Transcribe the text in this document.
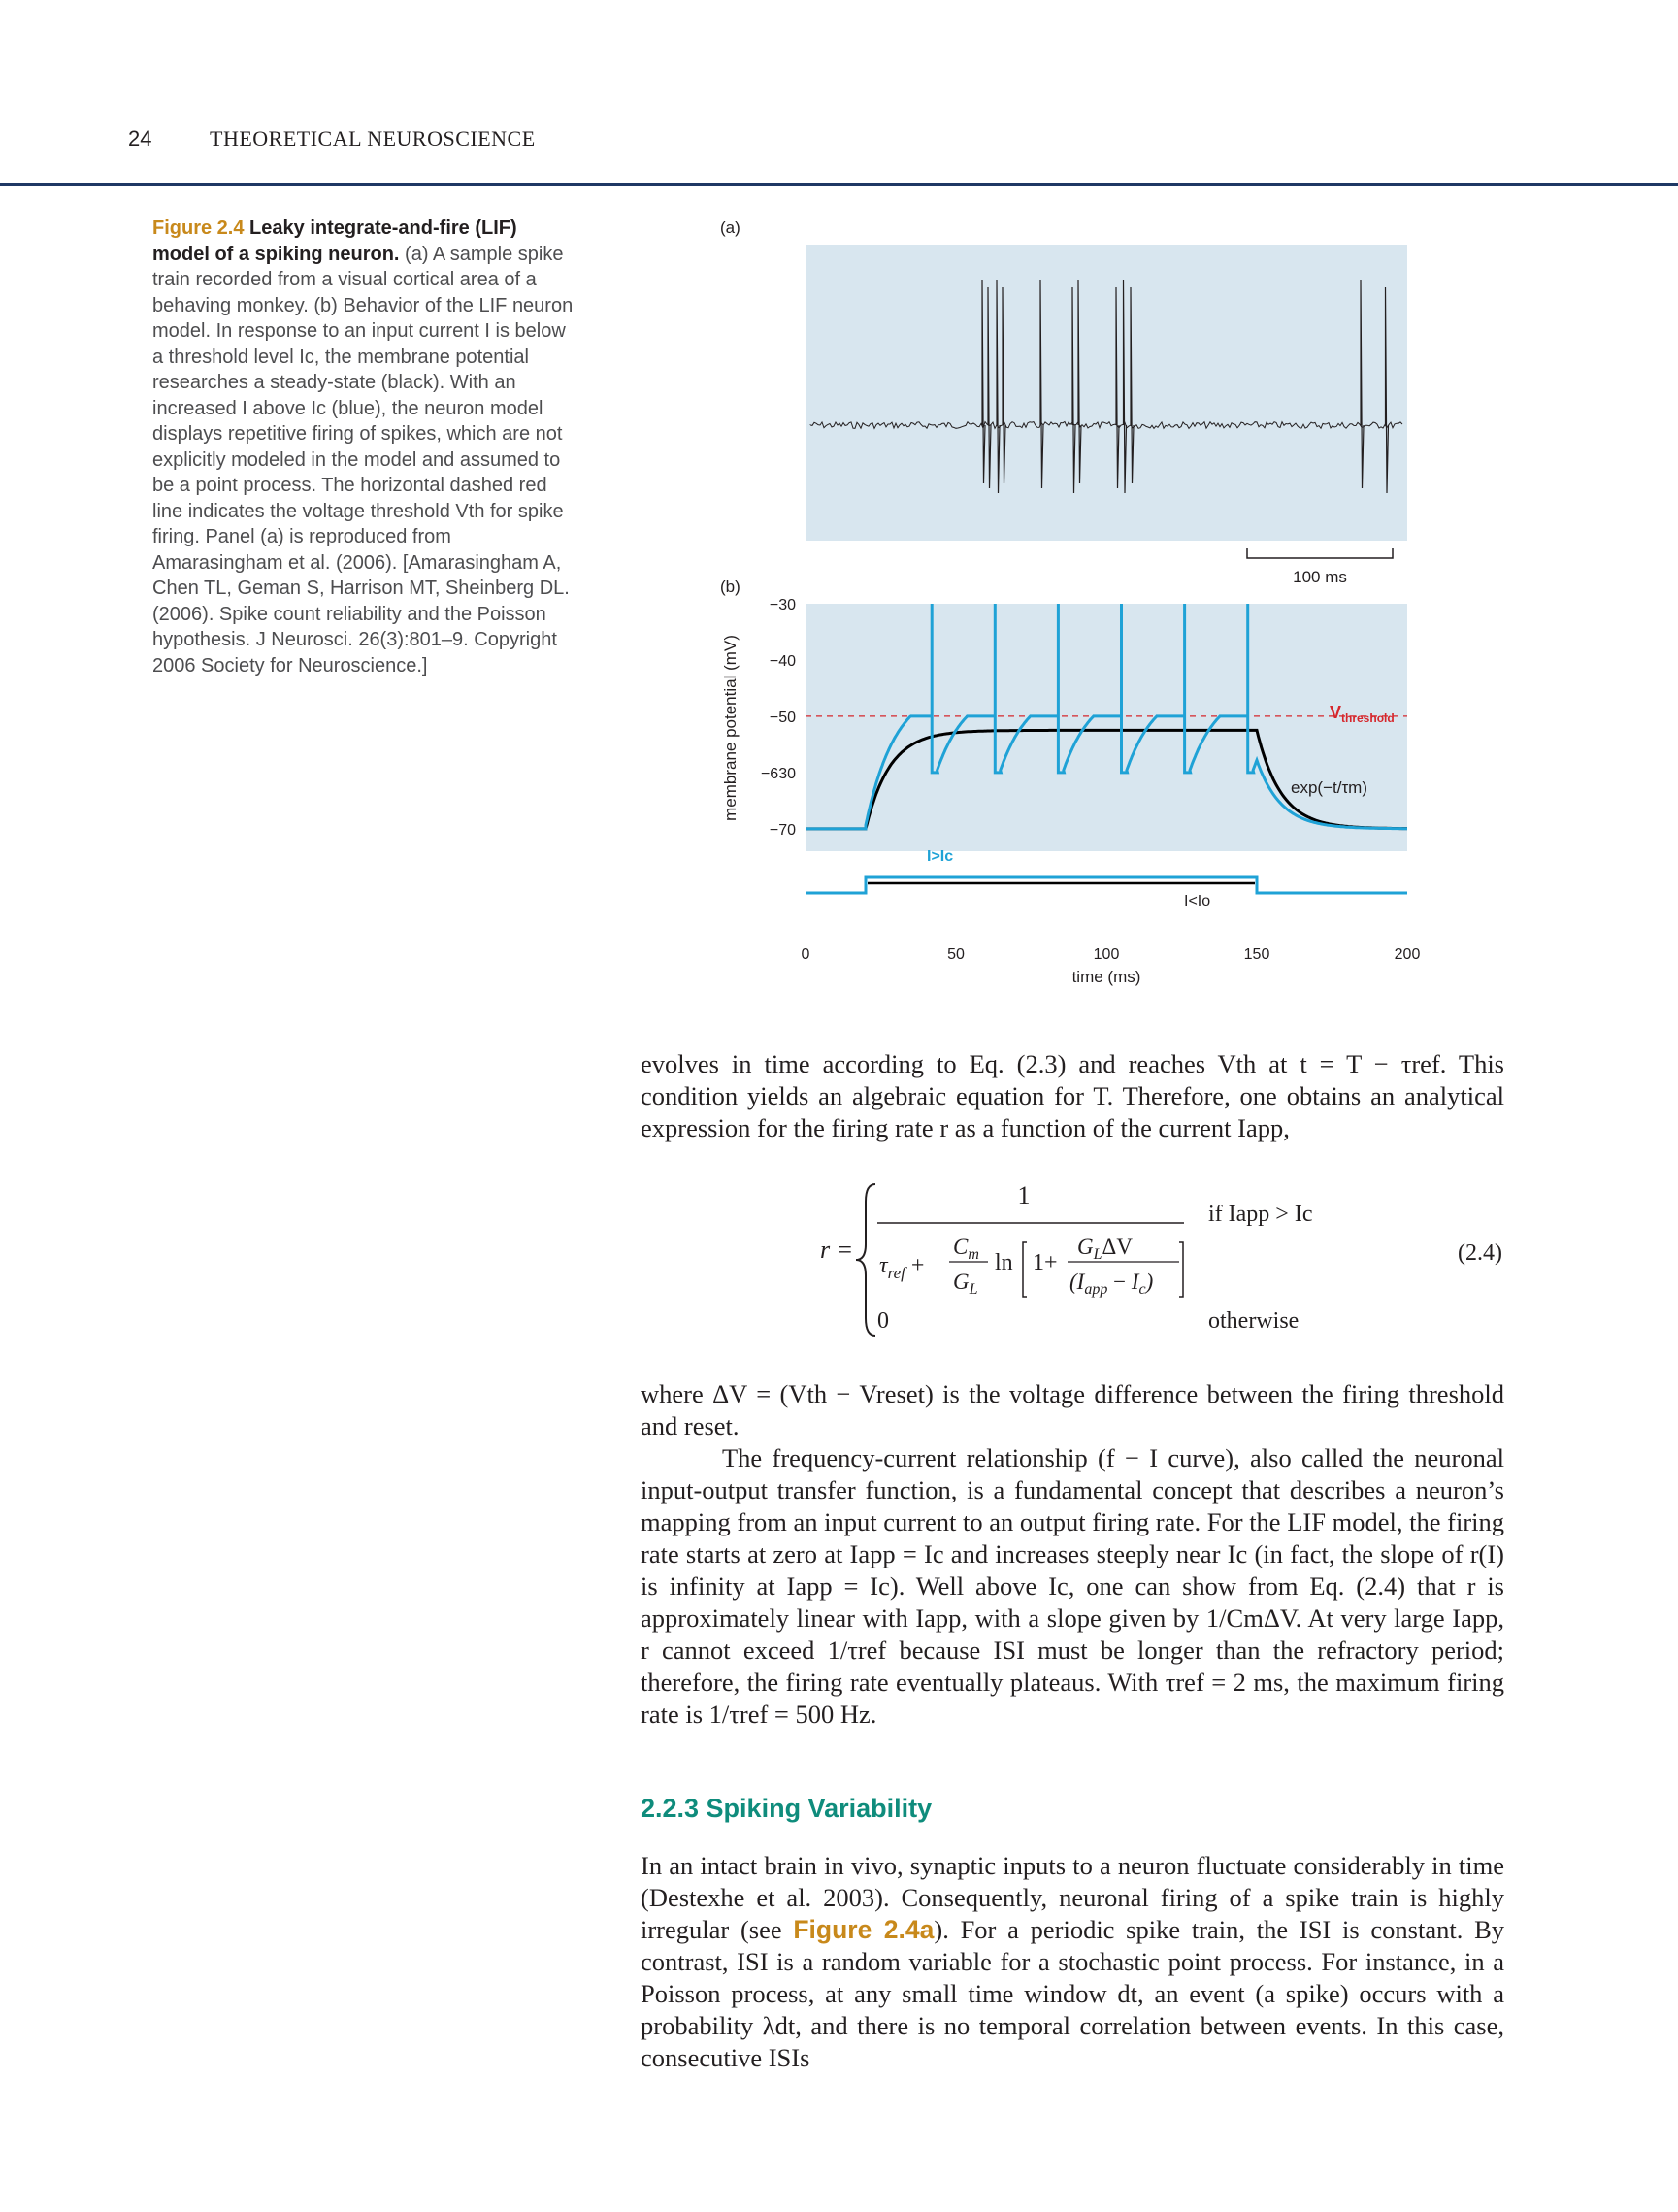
24	THEORETICAL NEUROSCIENCE
Figure 2.4 Leaky integrate-and-fire (LIF) model of a spiking neuron. (a) A sample spike train recorded from a visual cortical area of a behaving monkey. (b) Behavior of the LIF neuron model. In response to an input current I is below a threshold level Ic, the membrane potential researches a steady-state (black). With an increased I above Ic (blue), the neuron model displays repetitive firing of spikes, which are not explicitly modeled in the model and assumed to be a point process. The horizontal dashed red line indicates the voltage threshold Vth for spike firing. Panel (a) is reproduced from Amarasingham et al. (2006). [Amarasingham A, Chen TL, Geman S, Harrison MT, Sheinberg DL. (2006). Spike count reliability and the Poisson hypothesis. J Neurosci. 26(3):801–9. Copyright 2006 Society for Neuroscience.]
(a)
100 ms
(b)
−30
−40
−50
−630
−70
0	50	100	150	200
membrane potential (mV)
time (ms)
$V_{threshold}$
exp(−t/τm)
I>Ic
I<Io
evolves in time according to Eq. (2.3) and reaches Vth at t = T − τref. This condition yields an algebraic equation for T. Therefore, one obtains an analytical expression for the firing rate r as a function of the current Iapp,
r =
1
$\tau_{ref}$ +
$C_m$
$G_L$
ln 1+
$G_L\Delta V$
$(I_{app} - I_c)$
if Iapp > Ic
0	otherwise
(2.4)
where ΔV = (Vth − Vreset) is the voltage difference between the firing threshold and reset.
The frequency-current relationship (f − I curve), also called the neuronal input-output transfer function, is a fundamental concept that describes a neuron’s mapping from an input current to an output firing rate. For the LIF model, the firing rate starts at zero at Iapp = Ic and increases steeply near Ic (in fact, the slope of r(I) is infinity at Iapp = Ic). Well above Ic, one can show from Eq. (2.4) that r is approximately linear with Iapp, with a slope given by 1/CmΔV. At very large Iapp, r cannot exceed 1/τref because ISI must be longer than the refractory period; therefore, the firing rate eventually plateaus. With τref = 2 ms, the maximum firing rate is 1/τref = 500 Hz.
2.2.3 Spiking Variability
In an intact brain in vivo, synaptic inputs to a neuron fluctuate considerably in time (Destexhe et al. 2003). Consequently, neuronal firing of a spike train is highly irregular (see Figure 2.4a). For a periodic spike train, the ISI is constant. By contrast, ISI is a random variable for a stochastic point process. For instance, in a Poisson process, at any small time window dt, an event (a spike) occurs with a probability λdt, and there is no temporal correlation between events. In this case, consecutive ISIs
